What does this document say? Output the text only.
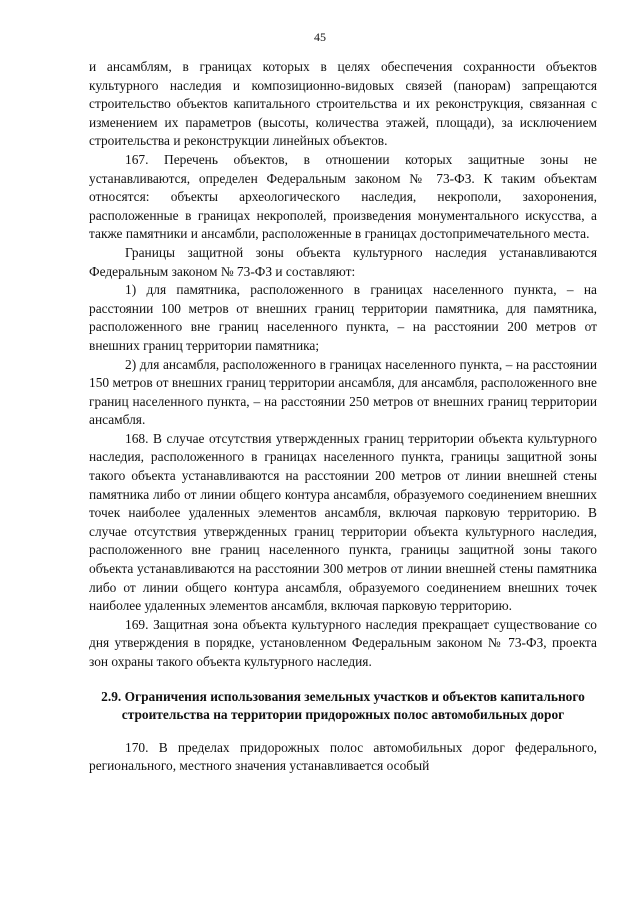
45

и ансамблям, в границах которых в целях обеспечения сохранности объектов культурного наследия и композиционно-видовых связей (панорам) запрещаются строительство объектов капитального строительства и их реконструкция, связанная с изменением их параметров (высоты, количества этажей, площади), за исключением строительства и реконструкции линейных объектов.

167. Перечень объектов, в отношении которых защитные зоны не устанавливаются, определен Федеральным законом № 73-ФЗ. К таким объектам относятся: объекты археологического наследия, некрополи, захоронения, расположенные в границах некрополей, произведения монументального искусства, а также памятники и ансамбли, расположенные в границах достопримечательного места.

Границы защитной зоны объекта культурного наследия устанавливаются Федеральным законом № 73-ФЗ и составляют:

1) для памятника, расположенного в границах населенного пункта, – на расстоянии 100 метров от внешних границ территории памятника, для памятника, расположенного вне границ населенного пункта, – на расстоянии 200 метров от внешних границ территории памятника;

2) для ансамбля, расположенного в границах населенного пункта, – на расстоянии 150 метров от внешних границ территории ансамбля, для ансамбля, расположенного вне границ населенного пункта, – на расстоянии 250 метров от внешних границ территории ансамбля.

168. В случае отсутствия утвержденных границ территории объекта культурного наследия, расположенного в границах населенного пункта, границы защитной зоны такого объекта устанавливаются на расстоянии 200 метров от линии внешней стены памятника либо от линии общего контура ансамбля, образуемого соединением внешних точек наиболее удаленных элементов ансамбля, включая парковую территорию. В случае отсутствия утвержденных границ территории объекта культурного наследия, расположенного вне границ населенного пункта, границы защитной зоны такого объекта устанавливаются на расстоянии 300 метров от линии внешней стены памятника либо от линии общего контура ансамбля, образуемого соединением внешних точек наиболее удаленных элементов ансамбля, включая парковую территорию.

169. Защитная зона объекта культурного наследия прекращает существование со дня утверждения в порядке, установленном Федеральным законом № 73-ФЗ, проекта зон охраны такого объекта культурного наследия.

2.9. Ограничения использования земельных участков и объектов капитального строительства на территории придорожных полос автомобильных дорог

170. В пределах придорожных полос автомобильных дорог федерального, регионального, местного значения устанавливается особый
